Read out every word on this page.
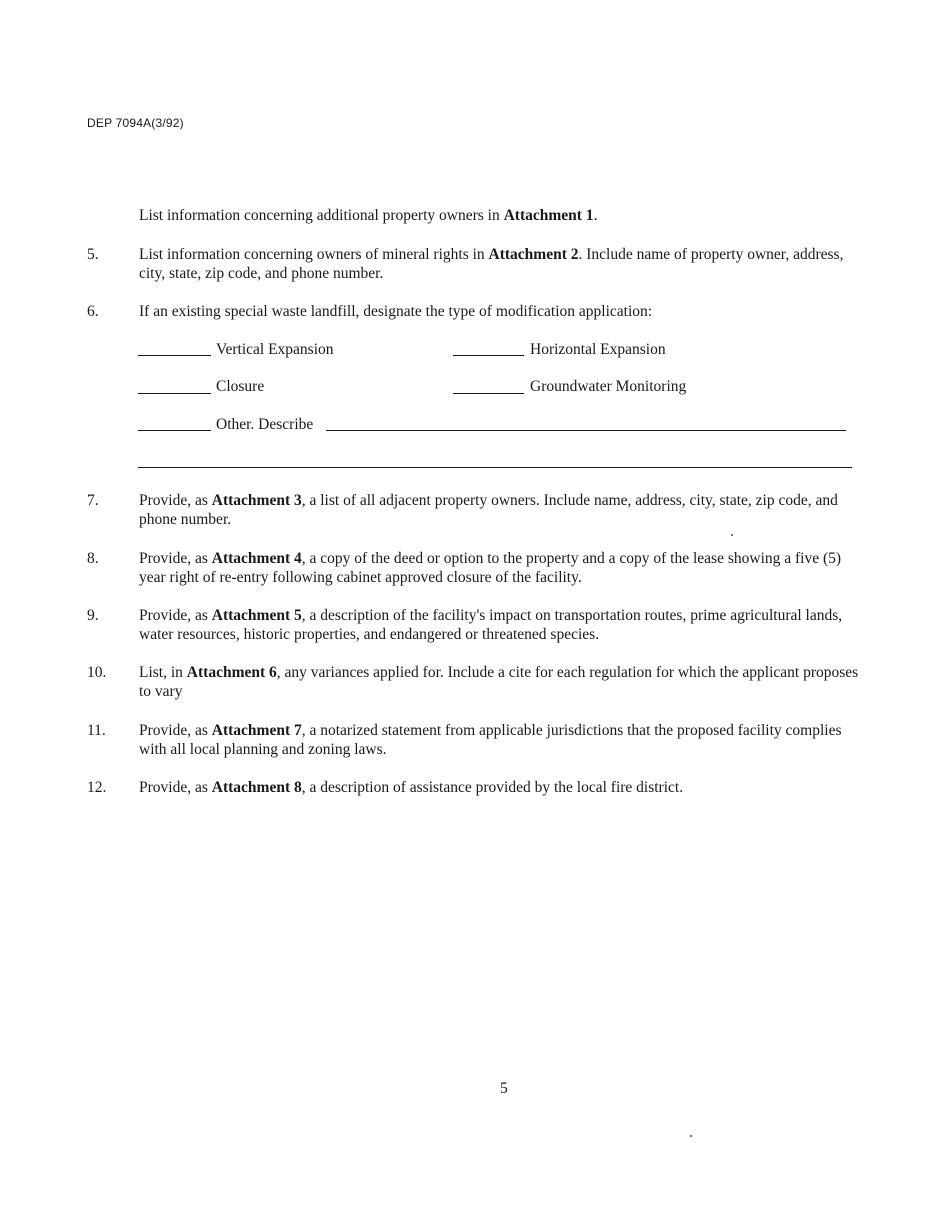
DEP 7094A(3/92)
List information concerning additional property owners in Attachment 1.
5.	List information concerning owners of mineral rights in Attachment 2. Include name of property owner, address, city, state, zip code, and phone number.
6.	If an existing special waste landfill, designate the type of modification application:
Vertical Expansion	Horizontal Expansion
Closure	Groundwater Monitoring
Other. Describe
7.	Provide, as Attachment 3, a list of all adjacent property owners. Include name, address, city, state, zip code, and phone number.
8.	Provide, as Attachment 4, a copy of the deed or option to the property and a copy of the lease showing a five (5) year right of re-entry following cabinet approved closure of the facility.
9.	Provide, as Attachment 5, a description of the facility's impact on transportation routes, prime agricultural lands, water resources, historic properties, and endangered or threatened species.
10. List, in Attachment 6, any variances applied for. Include a cite for each regulation for which the applicant proposes to vary
11. Provide, as Attachment 7, a notarized statement from applicable jurisdictions that the proposed facility complies with all local planning and zoning laws.
12. Provide, as Attachment 8, a description of assistance provided by the local fire district.
5
